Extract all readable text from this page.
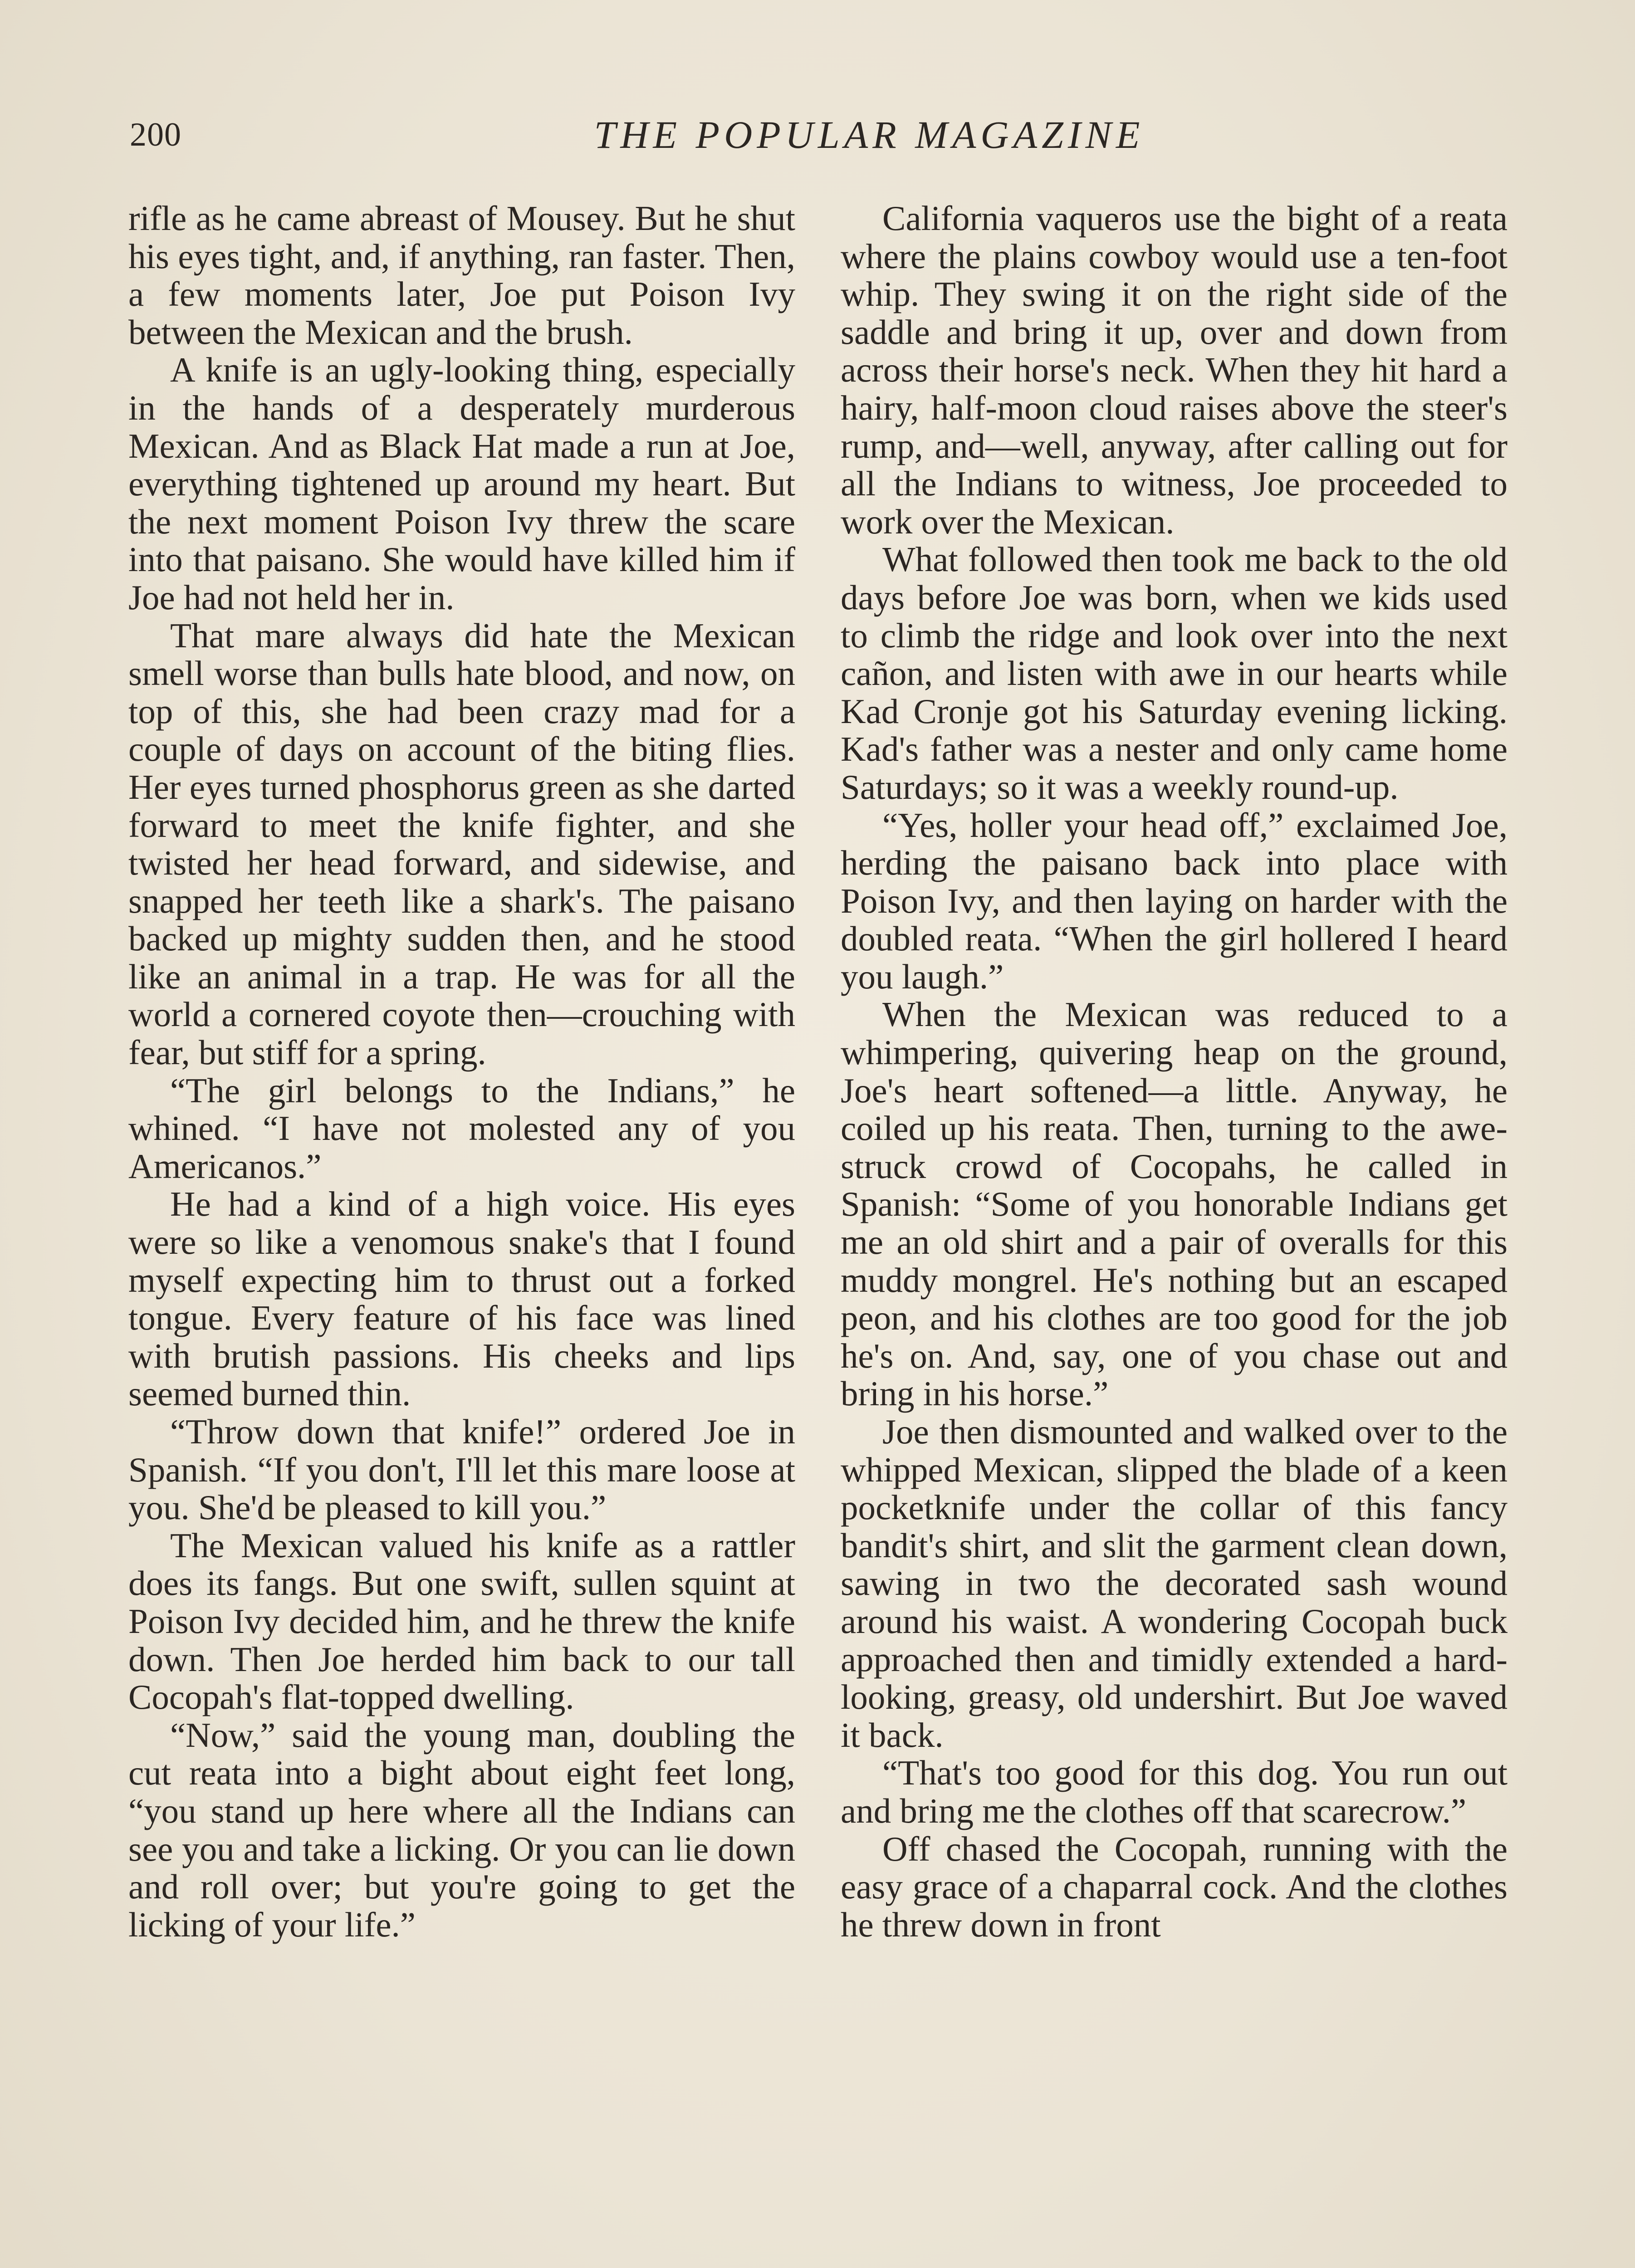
200	THE POPULAR MAGAZINE

rifle as he came abreast of Mousey. But he shut his eyes tight, and, if anything, ran faster. Then, a few moments later, Joe put Poison Ivy between the Mexican and the brush.

A knife is an ugly-looking thing, especially in the hands of a desperately murderous Mexican. And as Black Hat made a run at Joe, everything tightened up around my heart. But the next moment Poison Ivy threw the scare into that paisano. She would have killed him if Joe had not held her in.

That mare always did hate the Mexican smell worse than bulls hate blood, and now, on top of this, she had been crazy mad for a couple of days on account of the biting flies. Her eyes turned phosphorus green as she darted forward to meet the knife fighter, and she twisted her head forward, and sidewise, and snapped her teeth like a shark's. The paisano backed up mighty sudden then, and he stood like an animal in a trap. He was for all the world a cornered coyote then—crouching with fear, but stiff for a spring.

“The girl belongs to the Indians,” he whined. “I have not molested any of you Americanos.”

He had a kind of a high voice. His eyes were so like a venomous snake's that I found myself expecting him to thrust out a forked tongue. Every feature of his face was lined with brutish passions. His cheeks and lips seemed burned thin.

“Throw down that knife!” ordered Joe in Spanish. “If you don't, I'll let this mare loose at you. She'd be pleased to kill you.”

The Mexican valued his knife as a rattler does its fangs. But one swift, sullen squint at Poison Ivy decided him, and he threw the knife down. Then Joe herded him back to our tall Cocopah's flat-topped dwelling.

“Now,” said the young man, doubling the cut reata into a bight about eight feet long, “you stand up here where all the Indians can see you and take a licking. Or you can lie down and roll over; but you're going to get the licking of your life.”

California vaqueros use the bight of a reata where the plains cowboy would use a ten-foot whip. They swing it on the right side of the saddle and bring it up, over and down from across their horse's neck. When they hit hard a hairy, half-moon cloud raises above the steer's rump, and—well, anyway, after calling out for all the Indians to witness, Joe proceeded to work over the Mexican.

What followed then took me back to the old days before Joe was born, when we kids used to climb the ridge and look over into the next cañon, and listen with awe in our hearts while Kad Cronje got his Saturday evening licking. Kad's father was a nester and only came home Saturdays; so it was a weekly round-up.

“Yes, holler your head off,” exclaimed Joe, herding the paisano back into place with Poison Ivy, and then laying on harder with the doubled reata. “When the girl hollered I heard you laugh.”

When the Mexican was reduced to a whimpering, quivering heap on the ground, Joe's heart softened—a little. Anyway, he coiled up his reata. Then, turning to the awe-struck crowd of Cocopahs, he called in Spanish: “Some of you honorable Indians get me an old shirt and a pair of overalls for this muddy mongrel. He's nothing but an escaped peon, and his clothes are too good for the job he's on. And, say, one of you chase out and bring in his horse.”

Joe then dismounted and walked over to the whipped Mexican, slipped the blade of a keen pocketknife under the collar of this fancy bandit's shirt, and slit the garment clean down, sawing in two the decorated sash wound around his waist. A wondering Cocopah buck approached then and timidly extended a hard-looking, greasy, old undershirt. But Joe waved it back.

“That's too good for this dog. You run out and bring me the clothes off that scarecrow.”

Off chased the Cocopah, running with the easy grace of a chaparral cock. And the clothes he threw down in front
